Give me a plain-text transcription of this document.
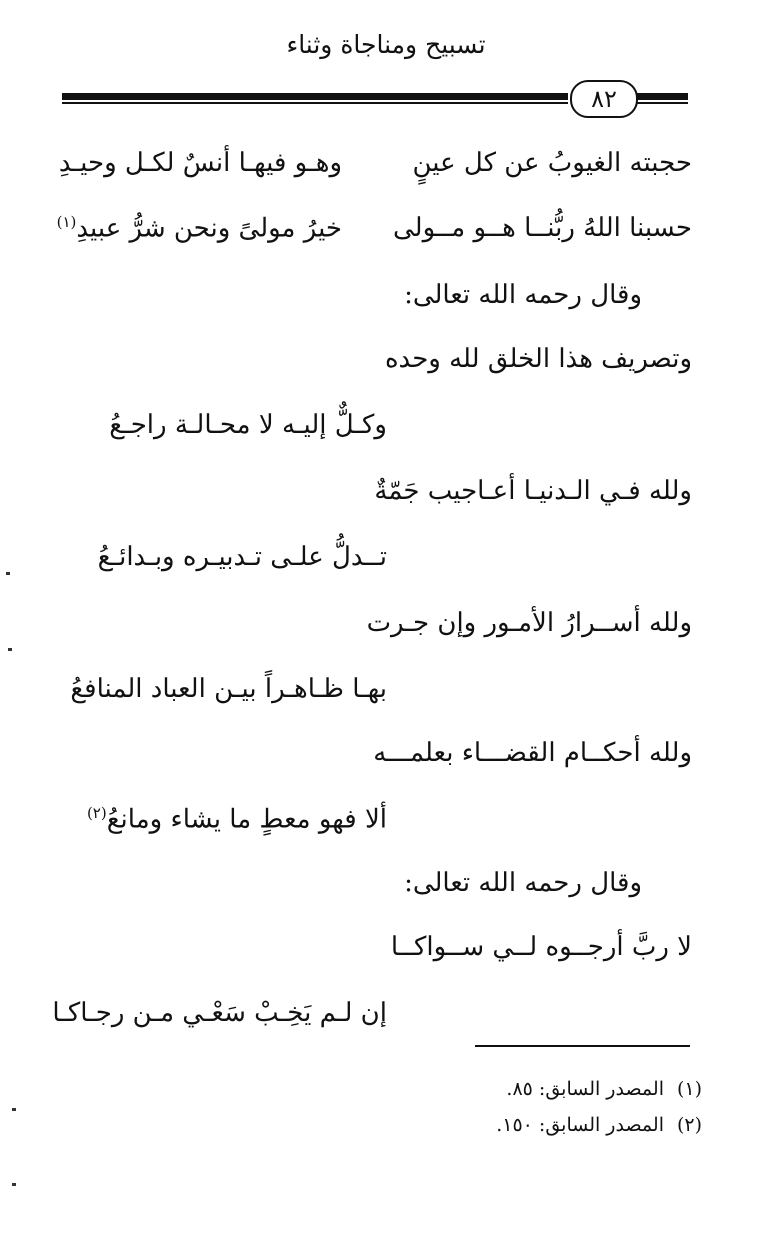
تسبيح ومناجاة وثناء
٨٢
حجبته الغيوبُ عن كل عينٍ
وهـو فيهـا أنسٌ لكـل وحيـدِ
حسبنا اللهُ ربُّنــا هــو مــولى
خيرُ مولىً ونحن شرُّ عبيدِ$^{(١)}$
وقال رحمه الله تعالى:
وتصريف هذا الخلق لله وحده
وكـلٌّ إليـه لا محـالـة راجـعُ
ولله فـي الـدنيـا أعـاجيب جَمّةٌ
تــدلُّ علـى تـدبيـره وبـدائـعُ
ولله أســرارُ الأمـور وإن جـرت
بهـا ظـاهـراً بيـن العباد المنافعُ
ولله أحكــام القضـــاء بعلمـــه
ألا فهو معطٍ ما يشاء ومانعُ$^{(٢)}$
وقال رحمه الله تعالى:
لا ربَّ أرجــوه لــي ســواكــا
إن لـم يَخِـبْ سَعْـي مـن رجـاكـا
(١)المصدر السابق: ٨٥.
(٢)المصدر السابق: ١٥٠.
